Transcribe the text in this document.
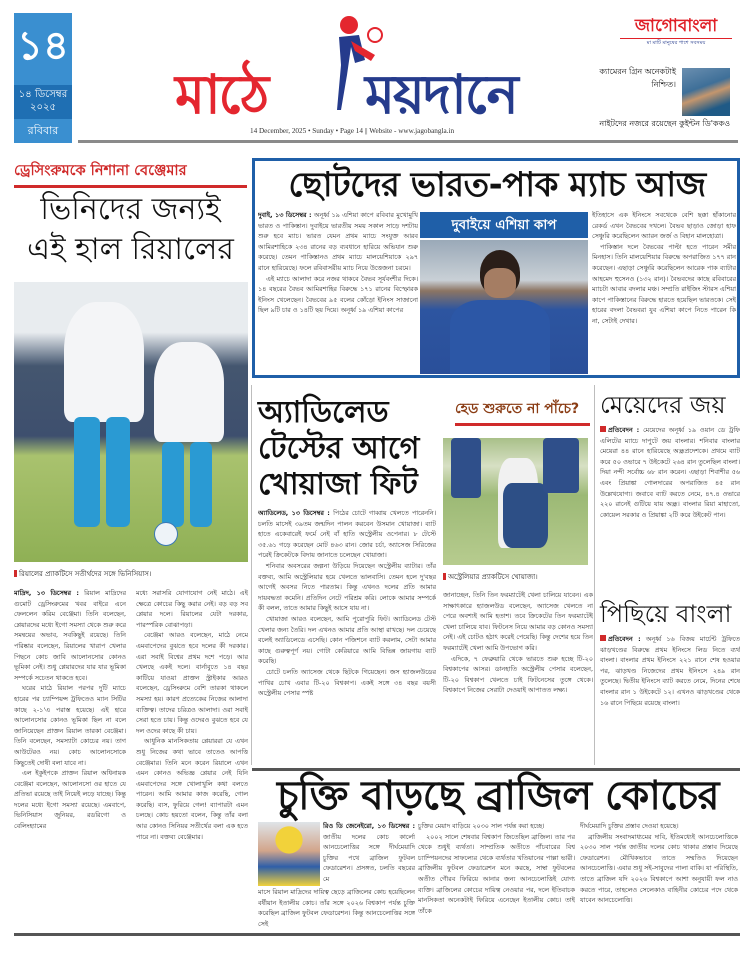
১৪
১৪ ডিসেম্বর ২০২৫
রবিবার
মাঠে ময়দানে
14 December, 2025 • Sunday • Page 14 || Website - www.jagobangla.in
জাগোবাংলা
মা মাটি মানুষের পাশে সবসময়
ক্যামেরন গ্রিন অনেকটাই নিশ্চিত।
নাইটদের নজরে রয়েছেন কুইন্টন ডি'ককও
ড্রেসিংরুমকে নিশানা বেঞ্জেমার
ভিনিদের জন্যই
এই হাল রিয়ালের
রিয়ালের প্র্যাকটিসে সতীর্থদের সঙ্গে ভিনিসিয়াস।

মাদ্রিদ, ১৩ ডিসেম্বর : রিয়াল মাদ্রিদের গুমোট ড্রেসিংরুমের খবর বাইরে এনে ফেললেন করিম বেঞ্জেমা। তিনি বলেছেন, প্লেয়ারদের মধ্যে ইগো সমস্যা থেকে শুরু করে সমন্বয়ের অভাব, সবকিছুই রয়েছে। তিনি পরিষ্কার বলেছেন, রিয়ালের খারাপ খেলার পিছনে কোচ জাবি আলোনসোর কোনও ভূমিকা নেই। শুধু প্লেয়ারদের যার যার ভূমিকা সম্পর্কে সচেতন থাকতে হবে।

ঘরের মাঠে রিয়াল পরপর দুটি ম্যাচে হারের পর চ্যাম্পিয়ন্স ট্রফিতেও ম্যান সিটির কাছে ২-১'এ পরাস্ত হয়েছে। এই হারে আলোনসোর কোনও ভূমিকা ছিল না বলে জানিয়েছেন প্রাক্তন রিয়াল তারকা বেঞ্জেমা। তিনি বলেছেন, সমস্যাটা কোচের নয়। তাগ আউটেরও নয়। কোচ আলোনসোকে কিছুতেই দোষী বলা যাবে না।

এল ইকুইপকে প্রাক্তন রিয়াল অধিনায়ক বেঞ্জেমা বলেছেন, আলোনসো ওর হাতে যে প্রতিভা রয়েছে তাই নিয়েই লড়ে যাচ্ছে। কিন্তু দলের মধ্যে ইগো সমস্যা রয়েছে। এমবাপে, ভিনিসিয়াস জুনিয়র, রডরিগো ও বেলিংহ্যামের

মধ্যে সরাসরি যোগাযোগ নেই মাঠে। এই ক্ষেত্রে কোচের কিছু করার নেই। বড় বড় সব প্লেয়ার দলে। রিয়ালের যেটা দরকার, পারস্পরিক বোঝাপড়া।

বেঞ্জেমা আরও বলেছেন, মাঠে নেমে এমবাপেদের বুঝতে হবে দলের কী দরকার। এরা সবাই বিশ্বের প্রথম দশে পড়ে। আর খেলছে একই দলে। বার্নাবুতে ১৪ বছর কাটিয়ে যাওয়া প্রাক্তন স্ট্রাইকার আরও বলেছেন, ড্রেসিংরুমে বেশি তারকা থাকলে সমস্যা হয়। কারণ প্রত্যেকের নিজের আলাদা ব্যক্তিত্ব। তাদের চরিত্রও আলাদা। ওরা সবাই সেরা হতে চায়। কিন্তু ওদেরও বুঝতে হবে যে দল ওদের কাছে কী চায়।

আধুনিক মানসিকতায় প্লেয়াররা যে এখন শুধু নিজের কথা ভাবে তাতেও আপত্তি বেঞ্জেমার। তিনি মনে করেন রিয়ালে এখন এমন কোনও অভিজ্ঞ প্লেয়ার নেই যিনি এমবাপেদের সঙ্গে খোলাখুলি কথা বলতে পারেন। আমি আমার কাজ করেছি, গোল করেছি। ব্যস, ফুরিয়ে গেল! ব্যাপারটা এমন চলছে। কোচ হয়তো বলেন, কিন্তু তাঁর বলা আর কোনও সিনিয়র সতীর্থের বলা এক হতে পারে না। বক্তব্য বেঞ্জেমার।

ছোটদের ভারত-পাক ম্যাচ আজ

দুবাই, ১৩ ডিসেম্বর : অনূর্ধ্ব ১৯ এশিয়া কাপে রবিবার মুখোমুখি ভারত ও পাকিস্তান। দুবাইয়ে ভারতীয় সময় সকাল সাড়ে দশটায় শুরু হবে ম্যাচ। ভারত যেমন প্রথম ম্যাচে সংযুক্ত আরব আমিরশাহিকে ২৩৪ রানের বড় ব্যবধানে হারিয়ে অভিযান শুরু করেছে। তেমন পাকিস্তানও প্রথম ম্যাচে মালয়েশিয়াকে ২৯৭ রানে হারিয়েছে। ফলে রবিবাসরীয় ম্যাচ নিয়ে উত্তেজনা চরমে।

এই ম্যাচে আলাদা করে নজর থাকবে বৈভব সূর্যবংশীর দিকে। ১৪ বছরের বৈভব আমিরশাহির বিরুদ্ধে ১৭১ রানের বিস্ফোরক ইনিংস খেলেছেন। বৈভবের ৯৫ বলের কোঁড়ো ইনিংস সাজানো ছিল ৯টি চার ও ১৪টি ছয় দিয়ে। অনূর্ধ্ব ১৯ এশিয়া কাপের

দুবাইয়ে এশিয়া কাপ

ইতিহাসে এক ইনিংসে সবথেকে বেশি ছক্কা হাঁকানোর রেকর্ড এখন বৈভবের দখলে। বৈভব ছাড়াও জোড়া হাফ সেঞ্চুরি করেছিলেন অ্যারন জর্জ ও বিহান মালহোত্রা।

পাকিস্তান দলে বৈভবের পাল্টা হতে পারেন সমীর মিনহাস। তিনি মালয়েশিয়ার বিরুদ্ধে অপরাজিত ১৭৭ রান করেছেন। এছাড়া সেঞ্চুরি করেছিলেন আরেক পাক ব্যাটার আহমেদ হুসেনও (১৩২ রান)। বৈভবদের কাছে রবিবারের ম্যাচটা আবার বদলার মঞ্চ। সম্প্রতি রাইজিং স্টারস এশিয়া কাপে পাকিস্তানের বিরুদ্ধে হারতে হয়েছিল ভারতকে। সেই হারের বদলা বৈভবরা যুব এশিয়া কাপে নিতে পারেন কি না, সেটাই দেখার।

অ্যাডিলেড টেস্টের আগে খোয়াজা ফিট

অ্যাডিলেড, ১৩ ডিসেম্বর : পিঠের চোটে গাব্বায় খেলতে পারেননি। চলতি মাসেই ৩৯তম জন্মদিন পালন করবেন উসমান খোয়াজা। ব্যাট হাতে একেবারেই ফর্মে নেই বাঁ হাতি অস্ট্রেলীয় ওপেনার। ৮ টেস্টে ৩৫.৬১ গড়ে করেছেন মোট ৪৬৩ রান। জোর চর্চা, অ্যাসেজ সিরিজের পরেই ক্রিকেটকে বিদায় জানাতে চলেছেন খোয়াজা।

শনিবার অবসরের জল্পনা উড়িয়ে দিয়েছেন অস্ট্রেলীয় ব্যাটার। তাঁর বক্তব্য, আমি অস্ট্রেলিয়ার হয়ে খেলতে ভালবাসি। তেমন হলে দু'বছর আগেই অবসর নিতে পারতাম। কিন্তু এখনও দলের প্রতি আমার দায়বদ্ধতা কমেনি। প্রতিদিন নেটে পরিশ্রম করি। লোকে আমার সম্পর্কে কী বলল, তাতে আমার কিছুই আসে যায় না।

খোয়াজা আরও বলেছেন, আমি পুরোপুরি ফিট। অ্যাডিলেড টেস্ট খেলার জন্য তৈরি। দল এখনও আমার প্রতি আস্থা রাখছে। দল চেয়েছে বলেই অ্যাডিলেডে এসেছি। কোন পজিশনে ব্যাট করলাম, সেটা আমার কাছে গুরুত্বপূর্ণ নয়। গোটা কেরিয়ারে আমি বিভিন্ন জায়গায় ব্যাট করেছি।

চোটে চলতি অ্যাসেজ থেকে ছিটকে গিয়েছেন। জস হ্যাজলউডের পাখির চোখ এবার টি-২০ বিশ্বকাপ। একই সঙ্গে ৩৪ বছর বয়সী অস্ট্রেলীয় পেসার স্পষ্ট

হেড শুরুতে না পাঁচে?
অস্ট্রেলিয়ার প্র্যাকটিসে খোয়াজা।

জানাচ্ছেন, তিনি তিন ফরম্যাটেই খেলা চালিয়ে যাবেন। এক সাক্ষাৎকারে হ্যাজলউড বলেছেন, অ্যাসেজ খেলতে না পেরে অবশ্যই আমি হতাশ। তবে ক্রিকেটের তিন ফরম্যাটেই খেলা চালিয়ে যাব। ফিটনেস নিয়ে আমার বড় কোনও সমস্যা নেই। এই চোটও হঠাৎ করেই পেয়েছি। কিন্তু দেশের হয়ে তিন ফরম্যাটেই খেলা আমি উপভোগ করি।

এদিকে, ৭ ফেব্রুয়ারি থেকে ভারতে শুরু হচ্ছে টি-২০ বিশ্বকাপের আসর। ডানহাতি অস্ট্রেলীয় পেসার বলেছেন, টি-২০ বিশ্বকাপ খেলতে চাই ফিটনেসের তুঙ্গে থেকে। বিশ্বকাপে নিজের সেরাটা দেওয়াই আপাতত লক্ষ্য।

মেয়েদের জয়

প্রতিবেদন : মেয়েদের অনূর্ধ্ব ১৯ ওয়ান ডে ট্রফি এলিটের ম্যাচে দাপুটে জয় বাংলার। শনিবার বাংলার মেয়েরা ৪৪ রানে হারিয়েছে অন্ধ্রপ্রদেশকে। প্রথমে ব্যাট করে ৫০ ওভারে ৭ উইকেটে ২৬৪ রান তুলেছিল বাংলা। দিয়া নন্দী সর্বোচ্চ ৬৮ রান করেন। এছাড়া শিবাশীর ৫৬ এবং প্রিয়াঙ্কা গোলদারের অপরাজিত ৪৫ রান উল্লেখযোগ্য। জবাবে ব্যাট করতে নেমে, ৪৭.৪ ওভারে ২২০ রানেই গুটিয়ে যায় অন্ধ্র। বাংলার রিয়া মাহাতো, কোয়েল সরকার ও প্রিয়াঙ্কা ২টি করে উইকেট পান।

পিছিয়ে বাংলা

প্রতিবেদন : অনূর্ধ্ব ১৬ বিজয় মার্চেন্ট ট্রফিতে ঝাড়খণ্ডের বিরুদ্ধে প্রথম ইনিংসে লিড নিতে ব্যর্থ বাংলা। বাংলার প্রথম ইনিংসে ২২১ রানে শেষ হওয়ার পর, ঝাড়খণ্ড নিজেদের প্রথম ইনিংসে ২৪৯ রান তুলেছে। দ্বিতীয় ইনিংসে ব্যাট করতে নেমে, দিনের শেষে বাংলার রান ১ উইকেটে ১২। এখনও ঝাড়খণ্ডের থেকে ১৬ রানে পিছিয়ে রয়েছে বাংলা।

চুক্তি বাড়ছে ব্রাজিল কোচের

রিও ডি জেনেইরো, ১৩ ডিসেম্বর : জাতীয় দলের কোচ কার্লো আনচেলোত্তির সঙ্গে দীর্ঘমেয়াদি চুক্তির পথে ব্রাজিল ফুটবল ফেডারেশন। প্রসঙ্গত, চলতি বছরের মে

মাসে রিয়াল মাদ্রিদের দায়িত্ব ছেড়ে ব্রাজিলের কোচ হয়েছিলেন বর্ষীয়ান ইতালীয় কোচ। তাঁর সঙ্গে ২০২৬ বিশ্বকাপ পর্যন্ত চুক্তি করেছিল ব্রাজিল ফুটবল ফেডারেশন। কিন্তু আনচেলোত্তির সঙ্গে সেই

চুক্তির মেয়াদ বাড়িয়ে ২০৩০ সাল পর্যন্ত করা হচ্ছে।

২০০২ সালে শেষবার বিশ্বকাপ জিতেছিল ব্রাজিল। তার পর থেকে শুধুই ব্যর্থতা। সাম্প্রতিক অতীতে পাঁচবারের বিশ্ব চ্যাম্পিয়নদের সাফল্যের থেকে ব্যর্থতার খতিয়ানের পাল্লা ভারী। ব্রাজিলীয় ফুটবল ফেডারেশন মনে করছে, সাম্বা ফুটবলের অতীত গৌরব ফিরিয়ে আনার জন্য আনচেলোত্তিই যোগ্য ব্যক্তি। ব্রাজিলের কোচের দায়িত্ব নেওয়ার পর, দলে ইতিবাচক মানসিকতা অনেকটাই ফিরিয়ে এনেছেন ইতালীয় কোচ। তাই তাঁকে

দীর্ঘমেয়াদি চুক্তির প্রস্তাব দেওয়া হয়েছে।

ব্রাজিলীয় সংবাদমাধ্যমের দাবি, ইতিমধ্যেই আনচেলোত্তিকে ২০৩০ সাল পর্যন্ত জাতীয় দলের কোচ থাকার প্রস্তাব দিয়েছে ফেডারেশন। মৌখিকভাবে তাতে সম্মতিও দিয়েছেন আনচেলোত্তি। এবার শুধু সই-সাবুদের পালা বাকি। যা পরিস্থিতি, তাতে ব্রাজিল যদি ২০২৬ বিশ্বকাপে আশা অনুযায়ী ফল নাও করতে পারে, তাহলেও সেলেকাও বাহিনীর কোচের পদে থেকে যাবেন আনচেলোত্তি।
